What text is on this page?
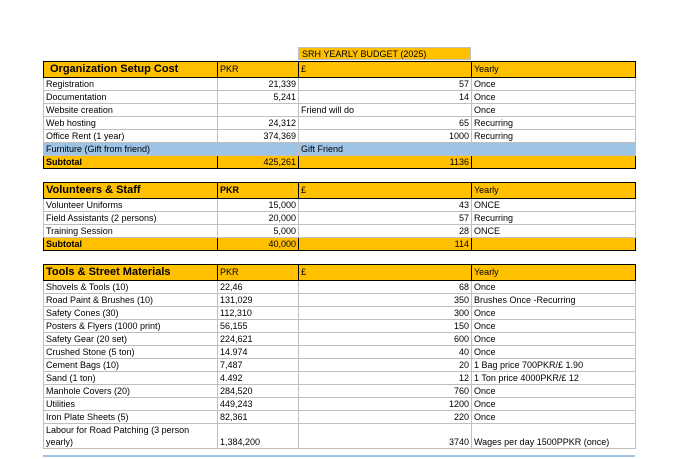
SRH YEARLY BUDGET (2025)
Organization Setup Cost	PKR	£	Yearly
Registration	21,339	57	Once
Documentation	5,241	14	Once
Website creation		Friend will do	Once
Web hosting	24,312	65	Recurring
Office Rent (1 year)	374,369	1000	Recurring
Furniture (Gift from friend)		Gift Friend	
Subtotal	425,261	1136	
Volunteers & Staff	PKR	£	Yearly
Volunteer Uniforms	15,000	43	ONCE
Field Assistants (2 persons)	20,000	57	Recurring
Training Session	5,000	28	ONCE
Subtotal	40,000	114	
Tools & Street Materials	PKR	£	Yearly
Shovels & Tools (10)	22,46	68	Once
Road Paint & Brushes (10)	131,029	350	Brushes Once -Recurring
Safety Cones (30)	112,310	300	Once
Posters & Flyers (1000 print)	56,155	150	Once
Safety Gear (20 set)	224,621	600	Once
Crushed Stone (5 ton)	14.974	40	Once
Cement Bags (10)	7,487	20	1 Bag price 700PKR/£ 1.90
Sand (1 ton)	4.492	12	1 Ton price 4000PKR/£ 12
Manhole Covers (20)	284,520	760	Once
Utilities	449,243	1200	Once
Iron Plate Sheets (5)	82,361	220	Once
Labour for Road Patching (3 person yearly)	1,384,200	3740	Wages per day 1500PPKR (once)
